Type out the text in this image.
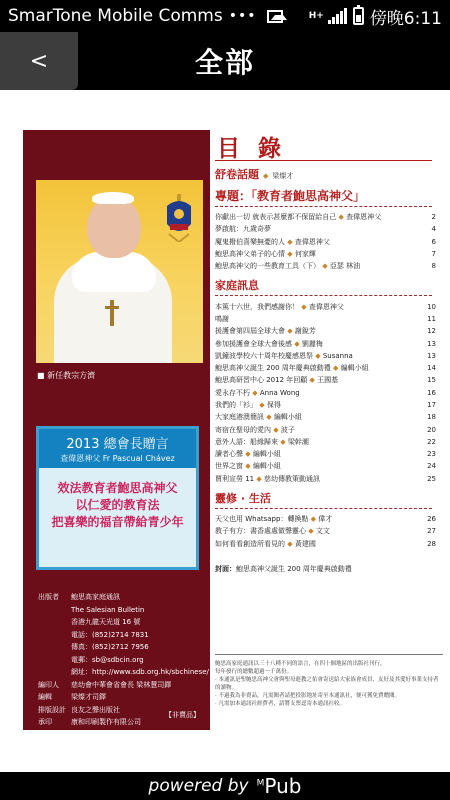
SmarTone Mobile Comms •••	H+	傍晚6:11
<	全部
■ 新任教宗方濟
2013 總會長贈言
查偉恩神父 Fr Pascual Chávez
效法教育者鮑思高神父
以仁愛的教育法
把喜樂的福音帶給青少年
出版者	鮑思高家庭通訊
The Salesian Bulletin
香港九龍天光道 16 號
電話：(852)2714 7831
傳真：(852)2712 7956
電郵：sb@sdbcin.org
網址：http://www.sdb.org.hk/sbchinese/
編印人	慈幼會中華會省會長 梁林慧司鐸
編輯	梁燦才司鐸
排版設計 良友之聲出版社
承印	康和印刷製作有限公司
【非賣品】
目錄
舒卷話題 ◆ 梁燦才
專題：「教育者鮑思高神父」
你獻出一切 就表示甚麼都不保留給自己 ◆ 查偉恩神父	2
夢啟航：九歲奇夢	4
魔鬼撥伯喜樂無憂的人 ◆ 查偉恩神父	6
鮑思高神父弟子的心情 ◆ 何家輝	7
鮑思高神父的一些教育工具（下） ◆ 亞瑟 林油	8
家庭訊息
本篤十六世，我們感謝你！ ◆ 查偉恩神父	10
鳴謝	11
援護會第四屆全球大會 ◆ 謝銳芳	12
參加援護會全球大會後感 ◆ 劉麗梅	13
凱鐘波學校六十周年校慶感恩祭 ◆ Susanna	13
鮑思高神父誕生 200 周年慶典啟動禮 ◆ 編輯小組	14
鮑思高研習中心 2012 年回顧 ◆ 王國基	15
愛永存不朽 ◆ Anna Wong	16
我們的「衫」 ◆ 保得	17
大家庭港澳簡訊 ◆ 編輯小組	18
寄宿在聖母的愛內 ◆ 波子	20
意外人語：船緣歸來 ◆ 梁幹潮	22
讀者心聲 ◆ 編輯小組	23
世界之窗 ◆ 編輯小組	24
賈利宣勞 11 ◆ 慈幼傳教策動通訊	25
靈修 · 生活
天父也用 Whatsapp：轉換點 ◆ 偉才	26
教子有方：書香處處做聲靈心 ◆ 文文	27
如何看看創造所看見的 ◆ 黃建國	28
封面：鮑思高神父誕生 200 周年慶典啟動禮
鮑思高家庭通訊以三十八種不同的語言，在四十個地區的出版社刊行，
每年發行的總數超過一千萬份。
‧ 本通訊是聖鮑思高神父會與聖母進教之佑會寄送給大家族會成員、友好及其愛好事業支持者的讀物。
‧ 不過我為非賣品，凡需閱者請把投影地址寄至本通訊社，便可獲免費贈閱。
‧ 凡需加本通訊社經費者，請將支票逕寄本通訊社收。
powered by $^M$Pub
